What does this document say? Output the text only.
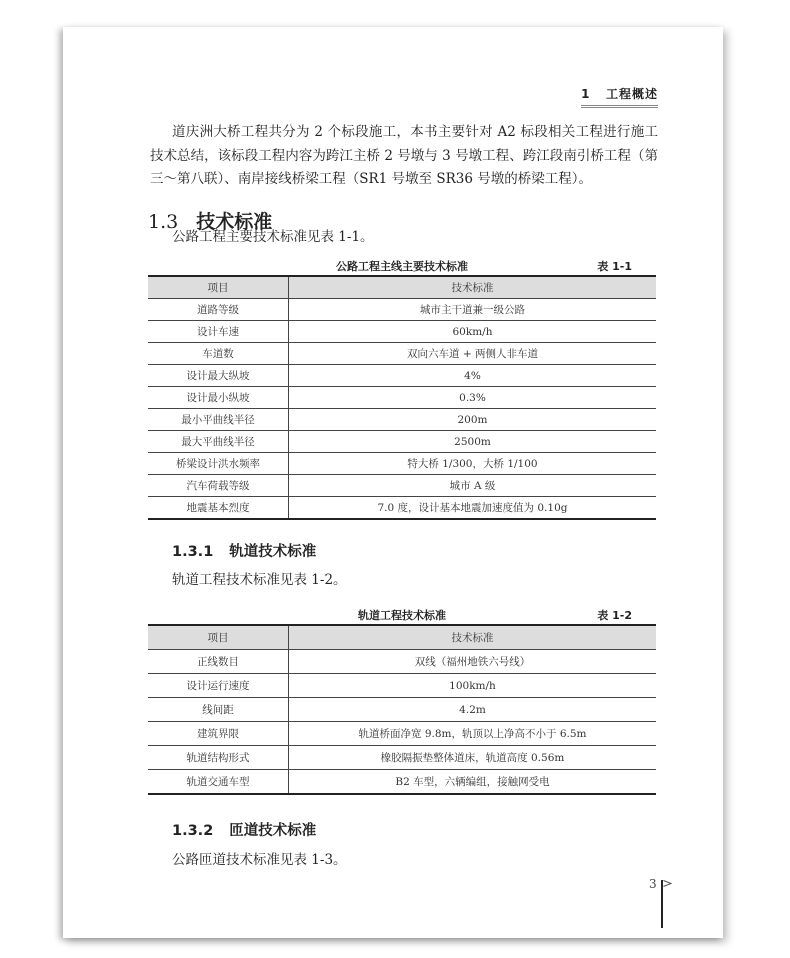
1 工程概述
道庆洲大桥工程共分为 2 个标段施工，本书主要针对 A2 标段相关工程进行施工技术总结，该标段工程内容为跨江主桥 2 号墩与 3 号墩工程、跨江段南引桥工程（第三～第八联）、南岸接线桥梁工程（SR1 号墩至 SR36 号墩的桥梁工程）。
1.3 技术标准
公路工程主要技术标准见表 1-1。
公路工程主线主要技术标准	表 1-1
项目	技术标准
道路等级	城市主干道兼一级公路
设计车速	60km/h
车道数	双向六车道 + 两侧人非车道
设计最大纵坡	4%
设计最小纵坡	0.3%
最小平曲线半径	200m
最大平曲线半径	2500m
桥梁设计洪水频率	特大桥 1/300，大桥 1/100
汽车荷载等级	城市 A 级
地震基本烈度	7.0 度，设计基本地震加速度值为 0.10g
1.3.1 轨道技术标准
轨道工程技术标准见表 1-2。
轨道工程技术标准	表 1-2
项目	技术标准
正线数目	双线（福州地铁六号线）
设计运行速度	100km/h
线间距	4.2m
建筑界限	轨道桥面净宽 9.8m，轨顶以上净高不小于 6.5m
轨道结构形式	橡胶隔振垫整体道床，轨道高度 0.56m
轨道交通车型	B2 车型，六辆编组，接触网受电
1.3.2 匝道技术标准
公路匝道技术标准见表 1-3。
3
